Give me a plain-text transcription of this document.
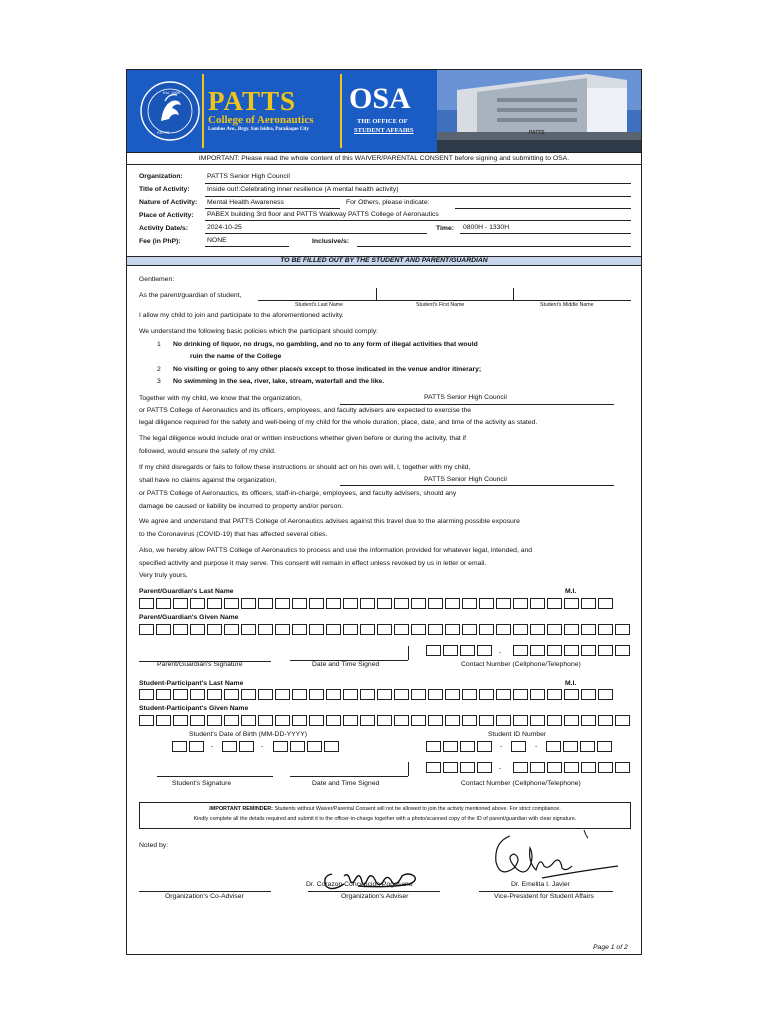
Est. 1969
PATTS
PATTS
College of Aeronautics
Lombos Ave., Brgy. San Isidro, Parañaque City
OSA
THE OFFICE OF
STUDENT AFFAIRS	PATTS
IMPORTANT: Please read the whole content of this WAIVER/PARENTAL CONSENT before signing and submitting to OSA.
Organization:	PATTS Senior High Council
Title of Activity:	Inside out!:Celebrating inner resilience (A mental health activity)
Nature of Activity: Mental Health Awareness	For Others, please indicate:
Place of Activity: PABEX building 3rd floor and PATTS Walkway PATTS College of Aeronautics
Activity Date/s:	2024-10-25	Time: 0800H - 1330H
Fee (in PhP):	NONE	Inclusive/s:
TO BE FILLED OUT BY THE STUDENT AND PARENT/GUARDIAN
Gentlemen:
As the parent/guardian of student,
Student's Last Name	Student's First Name	Student's Middle Name
I allow my child to join and participate to the aforementioned activity.
We understand the following basic policies which the participant should comply:
1 No drinking of liquor, no drugs, no gambling, and no to any form of illegal activities that would
ruin the name of the College
2 No visiting or going to any other place/s except to those indicated in the venue and/or itinerary;
3 No swimming in the sea, river, lake, stream, waterfall and the like.
Together with my child, we know that the organization,	PATTS Senior High Council
or PATTS College of Aeronautics and its officers, employees, and faculty advisers are expected to exercise the
legal diligence required for the safety and well-being of my child for the whole duration, place, date, and time of the activity as stated.
The legal diligence would include oral or written instructions whether given before or during the activity, that if
followed, would ensure the safety of my child.
If my child disregards or fails to follow these instructions or should act on his own will, I, together with my child,
shall have no claims against the organization,	PATTS Senior High Council
or PATTS College of Aeronautics, its officers, staff-in-charge, employees, and faculty advisers, should any
damage be caused or liability be incurred to property and/or person.
We agree and understand that PATTS College of Aeronautics advises against this travel due to the alarming possible exposure
to the Coronavirus (COVID-19) that has affected several cities.
Also, we hereby allow PATTS College of Aeronautics to process and use the information provided for whatever legal, intended, and
specified activity and purpose it may serve. This consent will remain in effect unless revoked by us in letter or email.
Very truly yours,
Parent/Guardian's Last Name	M.I.
Parent/Guardian's Given Name
Parent/Guardian's Signature	Date and Time Signed
-
Contact Number (Cellphone/Telephone)
Student-Participant's Last Name	M.I.
Student-Participant's Given Name
Student's Date of Birth (MM-DD-YYYY)	Student ID Number
-	-	-	-
Student's Signature	Date and Time Signed
-
Contact Number (Cellphone/Telephone)
IMPORTANT REMINDER: Students without Waiver/Parental Consent will not be allowed to join the activity mentioned above. For strict compliance.
Kindly complete all the details required and submit it to the officer-in-charge together with a photo/scanned copy of the ID of parent/guardian with clear signature.
Noted by:
Dr. Corazon Concepcion Pogosano	Dr. Emelita I. Javier
Organization's Co-Adviser	Organization's Adviser	Vice-President for Student Affairs
Page 1 of 2
